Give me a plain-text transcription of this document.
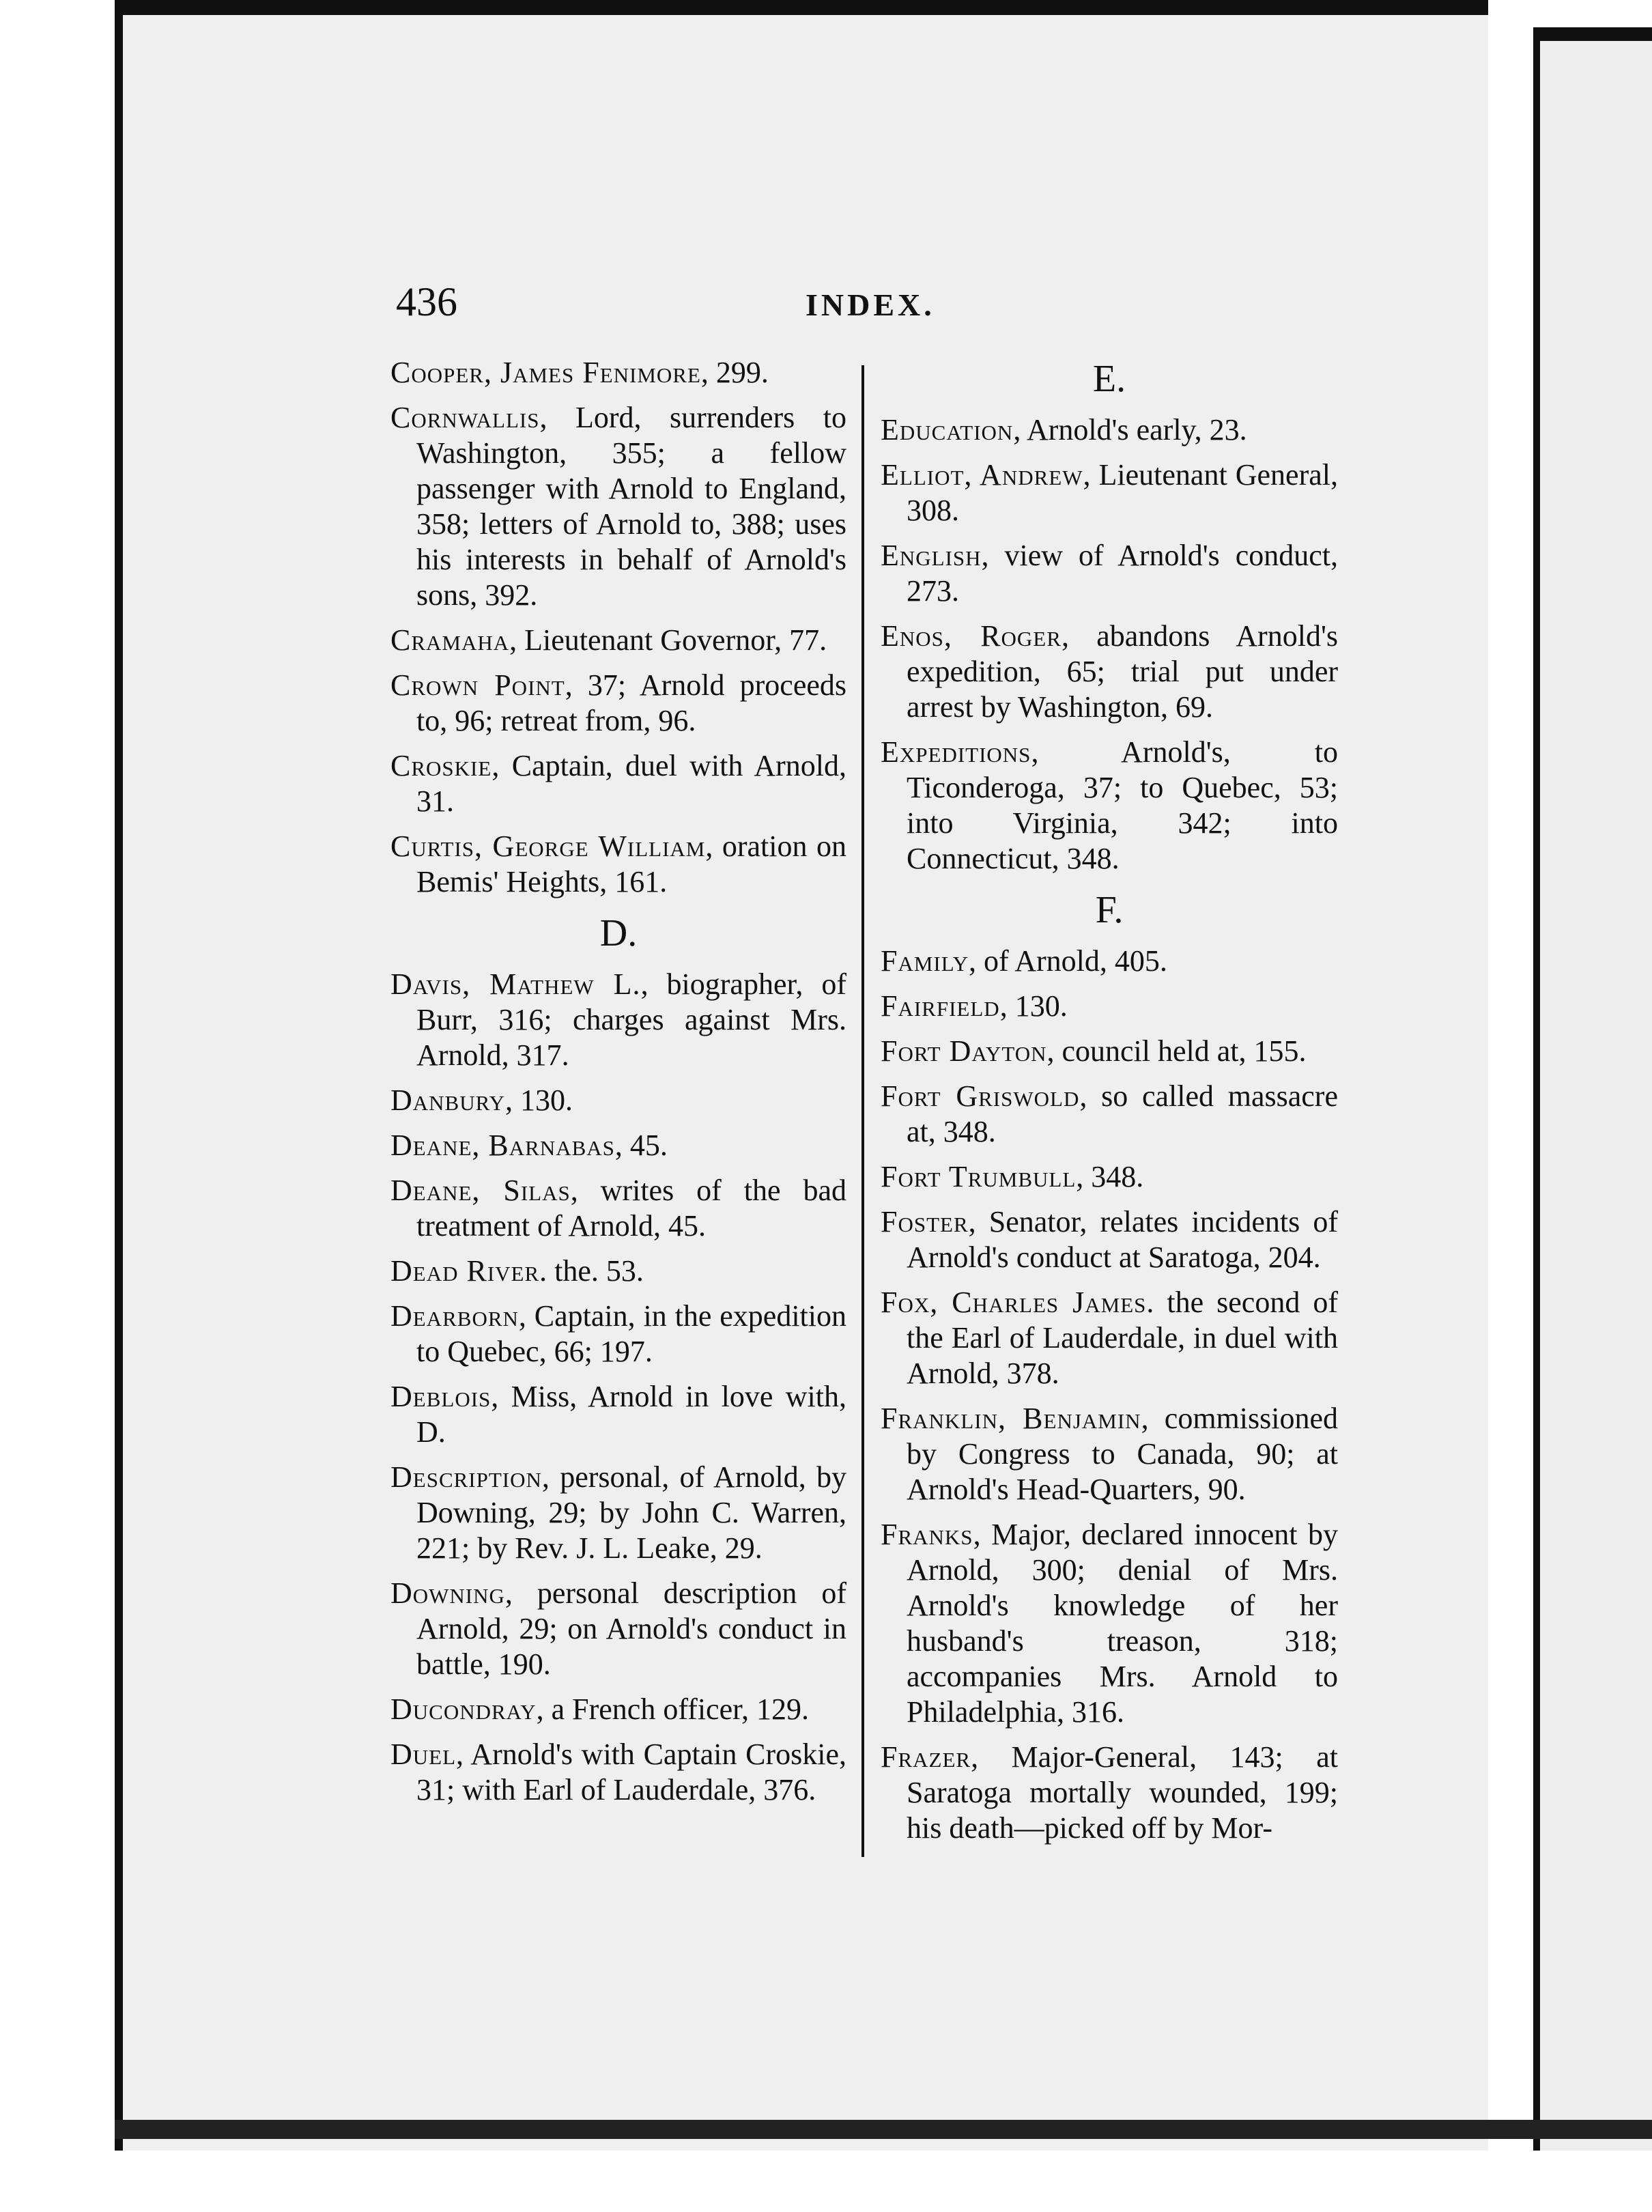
436	INDEX.

Cooper, James Fenimore, 299.

Cornwallis, Lord, surrenders to Washington, 355; a fellow passenger with Arnold to England, 358; letters of Arnold to, 388; uses his interests in behalf of Arnold's sons, 392.

Cramaha, Lieutenant Governor, 77.

Crown Point, 37; Arnold proceeds to, 96; retreat from, 96.

Croskie, Captain, duel with Arnold, 31.

Curtis, George William, oration on Bemis' Heights, 161.

D.

Davis, Mathew L., biographer, of Burr, 316; charges against Mrs. Arnold, 317.

Danbury, 130.

Deane, Barnabas, 45.

Deane, Silas, writes of the bad treatment of Arnold, 45.

Dead River. the. 53.

Dearborn, Captain, in the expedition to Quebec, 66; 197.

Deblois, Miss, Arnold in love with, D.

Description, personal, of Arnold, by Downing, 29; by John C. Warren, 221; by Rev. J. L. Leake, 29.

Downing, personal description of Arnold, 29; on Arnold's conduct in battle, 190.

Ducondray, a French officer, 129.

Duel, Arnold's with Captain Croskie, 31; with Earl of Lauderdale, 376.

E.

Education, Arnold's early, 23.

Elliot, Andrew, Lieutenant General, 308.

English, view of Arnold's conduct, 273.

Enos, Roger, abandons Arnold's expedition, 65; trial put under arrest by Washington, 69.

Expeditions, Arnold's, to Ticonderoga, 37; to Quebec, 53; into Virginia, 342; into Connecticut, 348.

F.

Family, of Arnold, 405.

Fairfield, 130.

Fort Dayton, council held at, 155.

Fort Griswold, so called massacre at, 348.

Fort Trumbull, 348.

Foster, Senator, relates incidents of Arnold's conduct at Saratoga, 204.

Fox, Charles James. the second of the Earl of Lauderdale, in duel with Arnold, 378.

Franklin, Benjamin, commissioned by Congress to Canada, 90; at Arnold's Head-Quarters, 90.

Franks, Major, declared innocent by Arnold, 300; denial of Mrs. Arnold's knowledge of her husband's treason, 318; accompanies Mrs. Arnold to Philadelphia, 316.

Frazer, Major-General, 143; at Saratoga mortally wounded, 199; his death—picked off by Mor-
